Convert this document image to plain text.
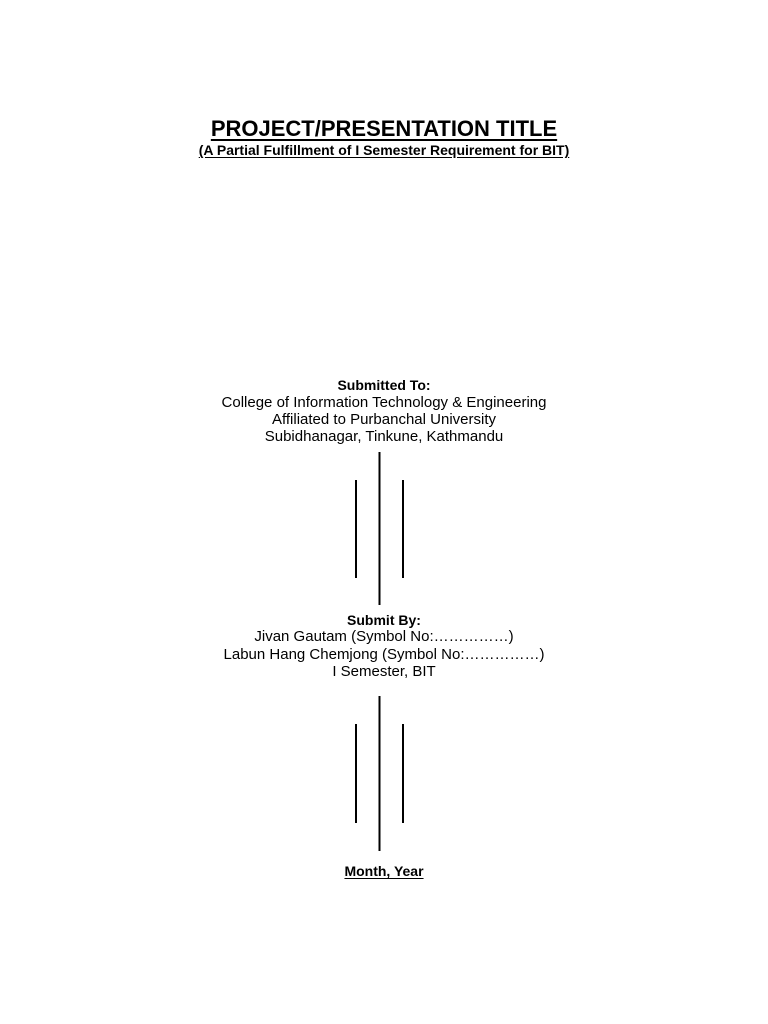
PROJECT/PRESENTATION TITLE
(A Partial Fulfillment of I Semester Requirement for BIT)
Submitted To:
College of Information Technology & Engineering
Affiliated to Purbanchal University
Subidhanagar, Tinkune, Kathmandu
Submit By:
Jivan Gautam (Symbol No:……………)
Labun Hang Chemjong (Symbol No:……………)
I Semester, BIT
Month, Year
